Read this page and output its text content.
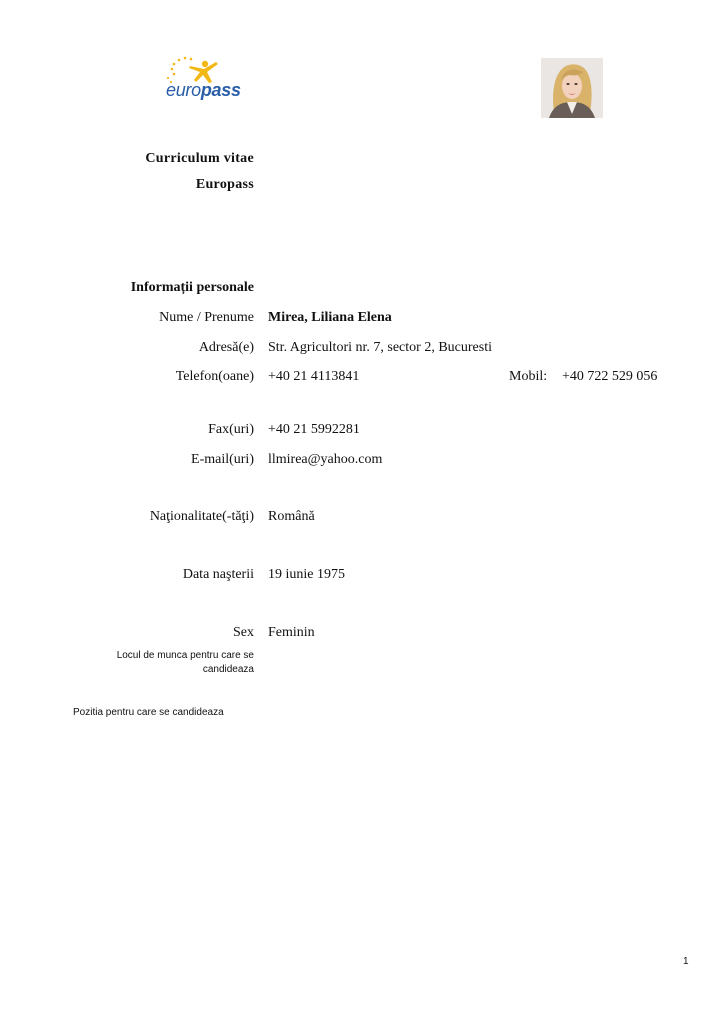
europass
Curriculum vitae
Europass
Informații personale
Nume / Prenume Mirea, Liliana Elena
Adresă(e) Str. Agricultori nr. 7, sector 2, Bucuresti
Telefon(oane) +40 21 4113841	Mobil: +40 722 529 056
Fax(uri) +40 21 5992281
E-mail(uri) llmirea@yahoo.com
Naţionalitate(-tăţi) Română
Data naşterii 19 iunie 1975
Sex Feminin
Locul de munca pentru care se candideaza
Pozitia pentru care se candideaza
1
